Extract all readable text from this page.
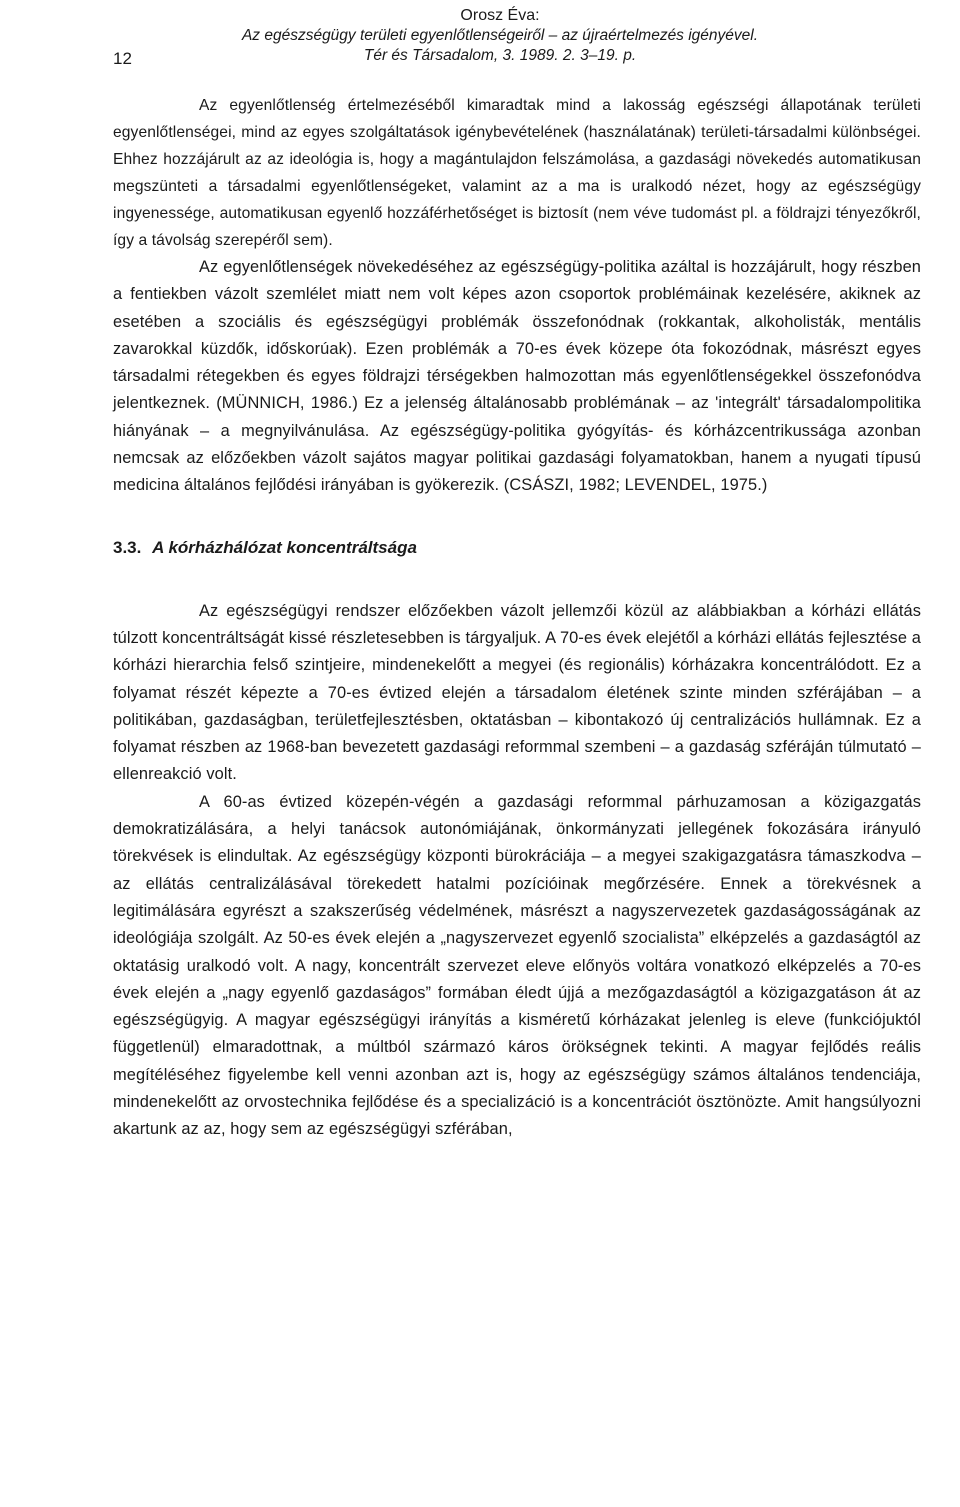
Orosz Éva:
Az egészségügy területi egyenlőtlenségeiről – az újraértelmezés igényével.
Tér és Társadalom, 3. 1989. 2. 3–19. p.
12

Az egyenlőtlenség értelmezéséből kimaradtak mind a lakosság egészségi állapotának területi egyenlőtlenségei, mind az egyes szolgáltatások igénybevételének (használatának) területi-társadalmi különbségei. Ehhez hozzájárult az az ideológia is, hogy a magántulajdon felszámolása, a gazdasági növekedés automatikusan megszünteti a társadalmi egyenlőtlenségeket, valamint az a ma is uralkodó nézet, hogy az egészségügy ingyenessége, automatikusan egyenlő hozzáférhetőséget is biztosít (nem véve tudomást pl. a földrajzi tényezőkről, így a távolság szerepéről sem).

Az egyenlőtlenségek növekedéséhez az egészségügy-politika azáltal is hozzájárult, hogy részben a fentiekben vázolt szemlélet miatt nem volt képes azon csoportok problémáinak kezelésére, akiknek az esetében a szociális és egészségügyi problémák összefonódnak (rokkantak, alkoholisták, mentális zavarokkal küzdők, időskorúak). Ezen problémák a 70-es évek közepe óta fokozódnak, másrészt egyes társadalmi rétegekben és egyes földrajzi térségekben halmozottan más egyenlőtlenségekkel összefonódva jelentkeznek. (MÜNNICH, 1986.) Ez a jelenség általánosabb problémának – az 'integrált' társadalompolitika hiányának – a megnyilvánulása. Az egészségügy-politika gyógyítás- és kórházcentrikussága azonban nemcsak az előzőekben vázolt sajátos magyar politikai gazdasági folyamatokban, hanem a nyugati típusú medicina általános fejlődési irányában is gyökerezik. (CSÁSZI, 1982; LEVENDEL, 1975.)

3.3. A kórházhálózat koncentráltsága

Az egészségügyi rendszer előzőekben vázolt jellemzői közül az alábbiakban a kórházi ellátás túlzott koncentráltságát kissé részletesebben is tárgyaljuk. A 70-es évek elejétől a kórházi ellátás fejlesztése a kórházi hierarchia felső szintjeire, mindenekelőtt a megyei (és regionális) kórházakra koncentrálódott. Ez a folyamat részét képezte a 70-es évtized elején a társadalom életének szinte minden szférájában – a politikában, gazdaságban, területfejlesztésben, oktatásban – kibontakozó új centralizációs hullámnak. Ez a folyamat részben az 1968-ban bevezetett gazdasági reformmal szembeni – a gazdaság szféráján túlmutató – ellenreakció volt.

A 60-as évtized közepén-végén a gazdasági reformmal párhuzamosan a közigazgatás demokratizálására, a helyi tanácsok autonómiájának, önkormányzati jellegének fokozására irányuló törekvések is elindultak. Az egészségügy központi bürokráciája – a megyei szakigazgatásra támaszkodva – az ellátás centralizálásával törekedett hatalmi pozícióinak megőrzésére. Ennek a törekvésnek a legitimálására egyrészt a szakszerűség védelmének, másrészt a nagyszervezetek gazdaságosságának az ideológiája szolgált. Az 50-es évek elején a „nagyszervezet egyenlő szocialista” elképzelés a gazdaságtól az oktatásig uralkodó volt. A nagy, koncentrált szervezet eleve előnyös voltára vonatkozó elképzelés a 70-es évek elején a „nagy egyenlő gazdaságos” formában éledt újjá a mezőgazdaságtól a közigazgatáson át az egészségügyig. A magyar egészségügyi irányítás a kisméretű kórházakat jelenleg is eleve (funkciójuktól függetlenül) elmaradottnak, a múltból származó káros örökségnek tekinti. A magyar fejlődés reális megítéléséhez figyelembe kell venni azonban azt is, hogy az egészségügy számos általános tendenciája, mindenekelőtt az orvostechnika fejlődése és a specializáció is a koncentrációt ösztönözte. Amit hangsúlyozni akartunk az az, hogy sem az egészségügyi szférában,
